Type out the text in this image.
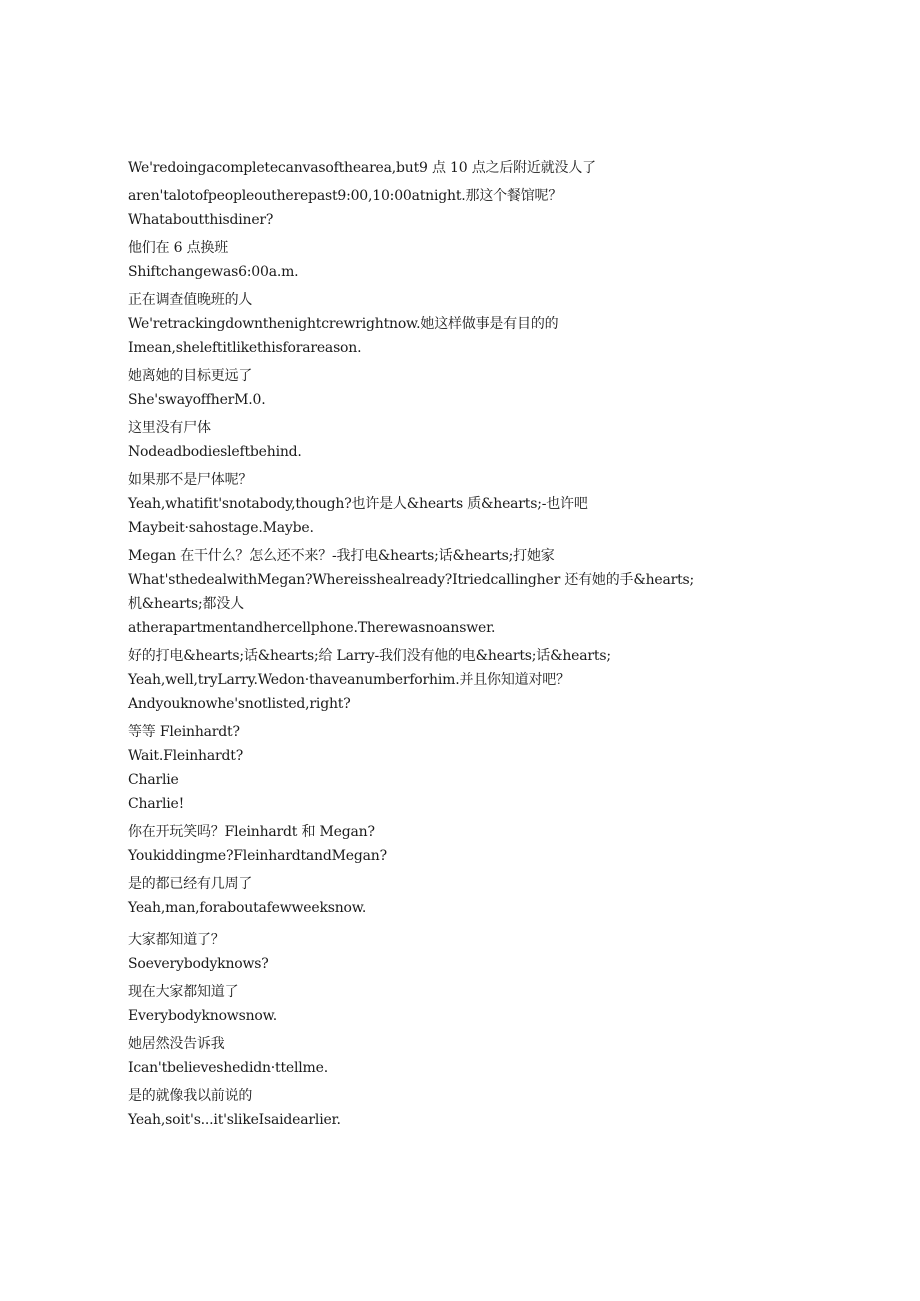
We'redoingacompletecanvasofthearea,but9 点 10 点之后附近就没人了
aren'talotofpeopleoutherepast9:00,10:00atnight.那这个餐馆呢？
Whataboutthisdiner?
他们在 6 点换班
Shiftchangewas6:00a.m.
正在调查值晚班的人
We'retrackingdownthenightcrewrightnow.她这样做事是有目的的
Imean,sheleftitlikethisforareason.
她离她的目标更远了
She'swayoffherM.0.
这里没有尸体
Nodeadbodiesleftbehind.
如果那不是尸体呢？
Yeah,whatifit'snotabody,though?也许是人&hearts 质&hearts;-也许吧
Maybeit·sahostage.Maybe.
Megan 在干什么？怎么还不来？-我打电&hearts;话&hearts;打她家
What'sthedealwithMegan?Whereisshealready?Itriedcallingher 还有她的手&hearts;
机&hearts;都没人
atherapartmentandhercellphone.Therewasnoanswer.
好的打电&hearts;话&hearts;给 Larry-我们没有他的电&hearts;话&hearts;
Yeah,well,tryLarry.Wedon·thaveanumberforhim.并且你知道对吧？
Andyouknowhe'snotlisted,right?
等等 Fleinhardt?
Wait.Fleinhardt?
Charlie
Charlie!
你在开玩笑吗？Fleinhardt 和 Megan?
Youkiddingme?FleinhardtandMegan?
是的都已经有几周了
Yeah,man,foraboutafewweeksnow.
大家都知道了？
Soeverybodyknows?
现在大家都知道了
Everybodyknowsnow.
她居然没告诉我
Ican'tbelieveshedidn·ttellme.
是的就像我以前说的
Yeah,soit's...it'slikeIsaidearlier.
